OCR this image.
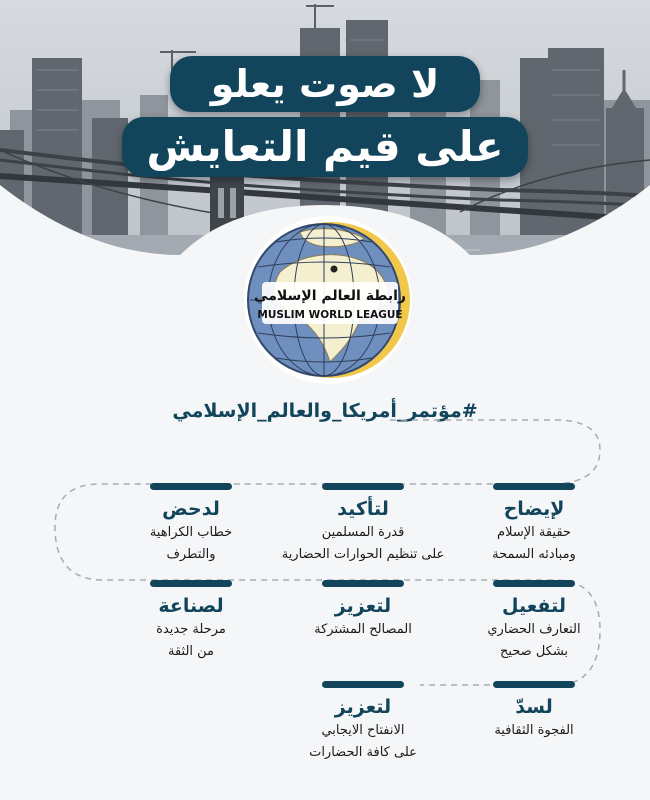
لا صوت يعلو
على قيم التعايش
رابطة العالم الإسلامي
MUSLIM WORLD LEAGUE
#مؤتمر_أمريكا_والعالم_الإسلامي
لإيضاح
حقيقة الإسلام
ومبادئه السمحة
لتأكيد
قدرة المسلمين
على تنظيم الحوارات الحضارية
لدحض
خطاب الكراهية
والتطرف
لتفعيل
التعارف الحضاري
بشكل صحيح
لتعزيز
المصالح المشتركة
لصناعة
مرحلة جديدة
من الثقة
لسدّ
الفجوة الثقافية
لتعزيز
الانفتاح الايجابي
على كافة الحضارات
